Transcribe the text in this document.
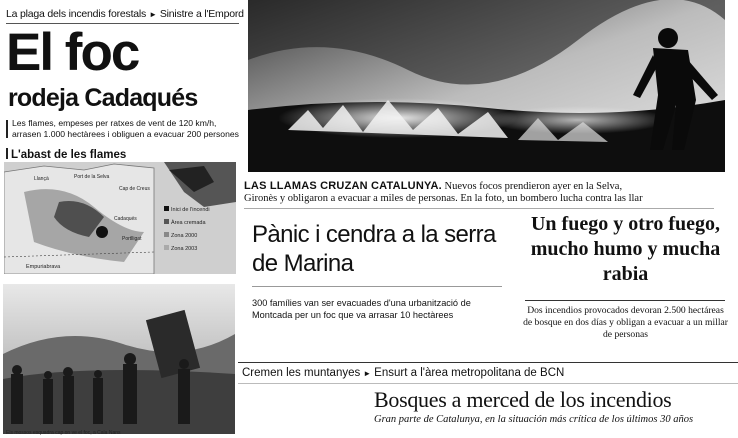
La plaga dels incendis forestals ► Sinistre a l'Empord
El foc
rodeja Cadaqués
Les flames, empeses per ratxes de vent de 120 km/h, arrasen 1.000 hectàrees i obliguen a evacuar 200 persones
L'abast de les flames
Llançà	Port de la Selva
Cap de Creus
Cadaqués
Portlligat
Empuriabrava
Inici de l'incendi
Àrea cremada
Zona 2000
Zona 2003
Els mossos esquadra cap on ve el foc, a Cala Nans
LAS LLAMAS CRUZAN CATALUNYA. Nuevos focos prendieron ayer en la Selva,
Gironès y obligaron a evacuar a miles de personas. En la foto, un bombero lucha contra las llar
Pànic i cendra a la serra de Marina
300 famílies van ser evacuades d'una urbanització de Montcada per un foc que va arrasar 10 hectàrees
Un fuego y otro fuego, mucho humo y mucha rabia
Dos incendios provocados devoran 2.500 hectáreas de bosque en dos días y obligan a evacuar a un millar de personas
Cremen les muntanyes ► Ensurt a l'àrea metropolitana de BCN
Bosques a merced de los incendios
Gran parte de Catalunya, en la situación más crítica de los últimos 30 años
